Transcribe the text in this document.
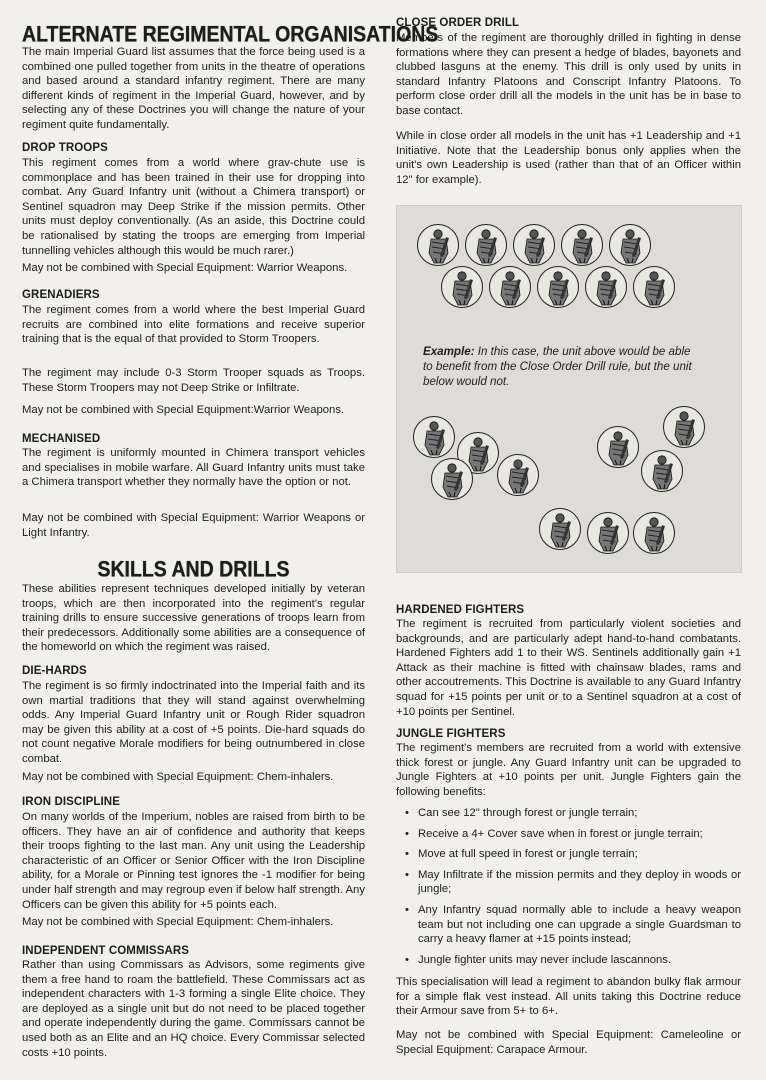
ALTERNATE REGIMENTAL ORGANISATIONS

The main Imperial Guard list assumes that the force being used is a combined one pulled together from units in the theatre of operations and based around a standard infantry regiment. There are many different kinds of regiment in the Imperial Guard, however, and by selecting any of these Doctrines you will change the nature of your regiment quite fundamentally.

DROP TROOPS

This regiment comes from a world where grav-chute use is commonplace and has been trained in their use for dropping into combat. Any Guard Infantry unit (without a Chimera transport) or Sentinel squadron may Deep Strike if the mission permits. Other units must deploy conventionally. (As an aside, this Doctrine could be rationalised by stating the troops are emerging from Imperial tunnelling vehicles although this would be much rarer.)

May not be combined with Special Equipment: Warrior Weapons.

GRENADIERS

The regiment comes from a world where the best Imperial Guard recruits are combined into elite formations and receive superior training that is the equal of that provided to Storm Troopers.

The regiment may include 0-3 Storm Trooper squads as Troops. These Storm Troopers may not Deep Strike or Infiltrate.

May not be combined with Special Equipment:Warrior Weapons.

MECHANISED

The regiment is uniformly mounted in Chimera transport vehicles and specialises in mobile warfare. All Guard Infantry units must take a Chimera transport whether they normally have the option or not.

May not be combined with Special Equipment: Warrior Weapons or Light Infantry.

SKILLS AND DRILLS

These abilities represent techniques developed initially by veteran troops, which are then incorporated into the regiment's regular training drills to ensure successive generations of troops learn from their predecessors. Additionally some abilities are a consequence of the homeworld on which the regiment was raised.

DIE-HARDS

The regiment is so firmly indoctrinated into the Imperial faith and its own martial traditions that they will stand against overwhelming odds. Any Imperial Guard Infantry unit or Rough Rider squadron may be given this ability at a cost of +5 points. Die-hard squads do not count negative Morale modifiers for being outnumbered in close combat.

May not be combined with Special Equipment: Chem-inhalers.

IRON DISCIPLINE

On many worlds of the Imperium, nobles are raised from birth to be officers. They have an air of confidence and authority that keeps their troops fighting to the last man. Any unit using the Leadership characteristic of an Officer or Senior Officer with the Iron Discipline ability, for a Morale or Pinning test ignores the -1 modifier for being under half strength and may regroup even if below half strength. Any Officers can be given this ability for +5 points each.

May not be combined with Special Equipment: Chem-inhalers.

INDEPENDENT COMMISSARS

Rather than using Commissars as Advisors, some regiments give them a free hand to roam the battlefield. These Commissars act as independent characters with 1-3 forming a single Elite choice. They are deployed as a single unit but do not need to be placed together and operate independently during the game. Commissars cannot be used both as an Elite and an HQ choice. Every Commissar selected costs +10 points.

CLOSE ORDER DRILL

Members of the regiment are thoroughly drilled in fighting in dense formations where they can present a hedge of blades, bayonets and clubbed lasguns at the enemy. This drill is only used by units in standard Infantry Platoons and Conscript Infantry Platoons. To perform close order drill all the models in the unit has be in base to base contact.

While in close order all models in the unit has +1 Leadership and +1 Initiative. Note that the Leadership bonus only applies when the unit's own Leadership is used (rather than that of an Officer within 12" for example).

Example: In this case, the unit above would be able to benefit from the Close Order Drill rule, but the unit below would not.

HARDENED FIGHTERS

The regiment is recruited from particularly violent societies and backgrounds, and are particularly adept hand-to-hand combatants. Hardened Fighters add 1 to their WS. Sentinels additionally gain +1 Attack as their machine is fitted with chainsaw blades, rams and other accoutrements. This Doctrine is available to any Guard Infantry squad for +15 points per unit or to a Sentinel squadron at a cost of +10 points per Sentinel.

JUNGLE FIGHTERS

The regiment's members are recruited from a world with extensive thick forest or jungle. Any Guard Infantry unit can be upgraded to Jungle Fighters at +10 points per unit. Jungle Fighters gain the following benefits:

• Can see 12" through forest or jungle terrain;
• Receive a 4+ Cover save when in forest or jungle terrain;
• Move at full speed in forest or jungle terrain;
• May Infiltrate if the mission permits and they deploy in woods or jungle;
• Any Infantry squad normally able to include a heavy weapon team but not including one can upgrade a single Guardsman to carry a heavy flamer at +15 points instead;
• Jungle fighter units may never include lascannons.

This specialisation will lead a regiment to abandon bulky flak armour for a simple flak vest instead. All units taking this Doctrine reduce their Armour save from 5+ to 6+.

May not be combined with Special Equipment: Cameleoline or Special Equipment: Carapace Armour.
